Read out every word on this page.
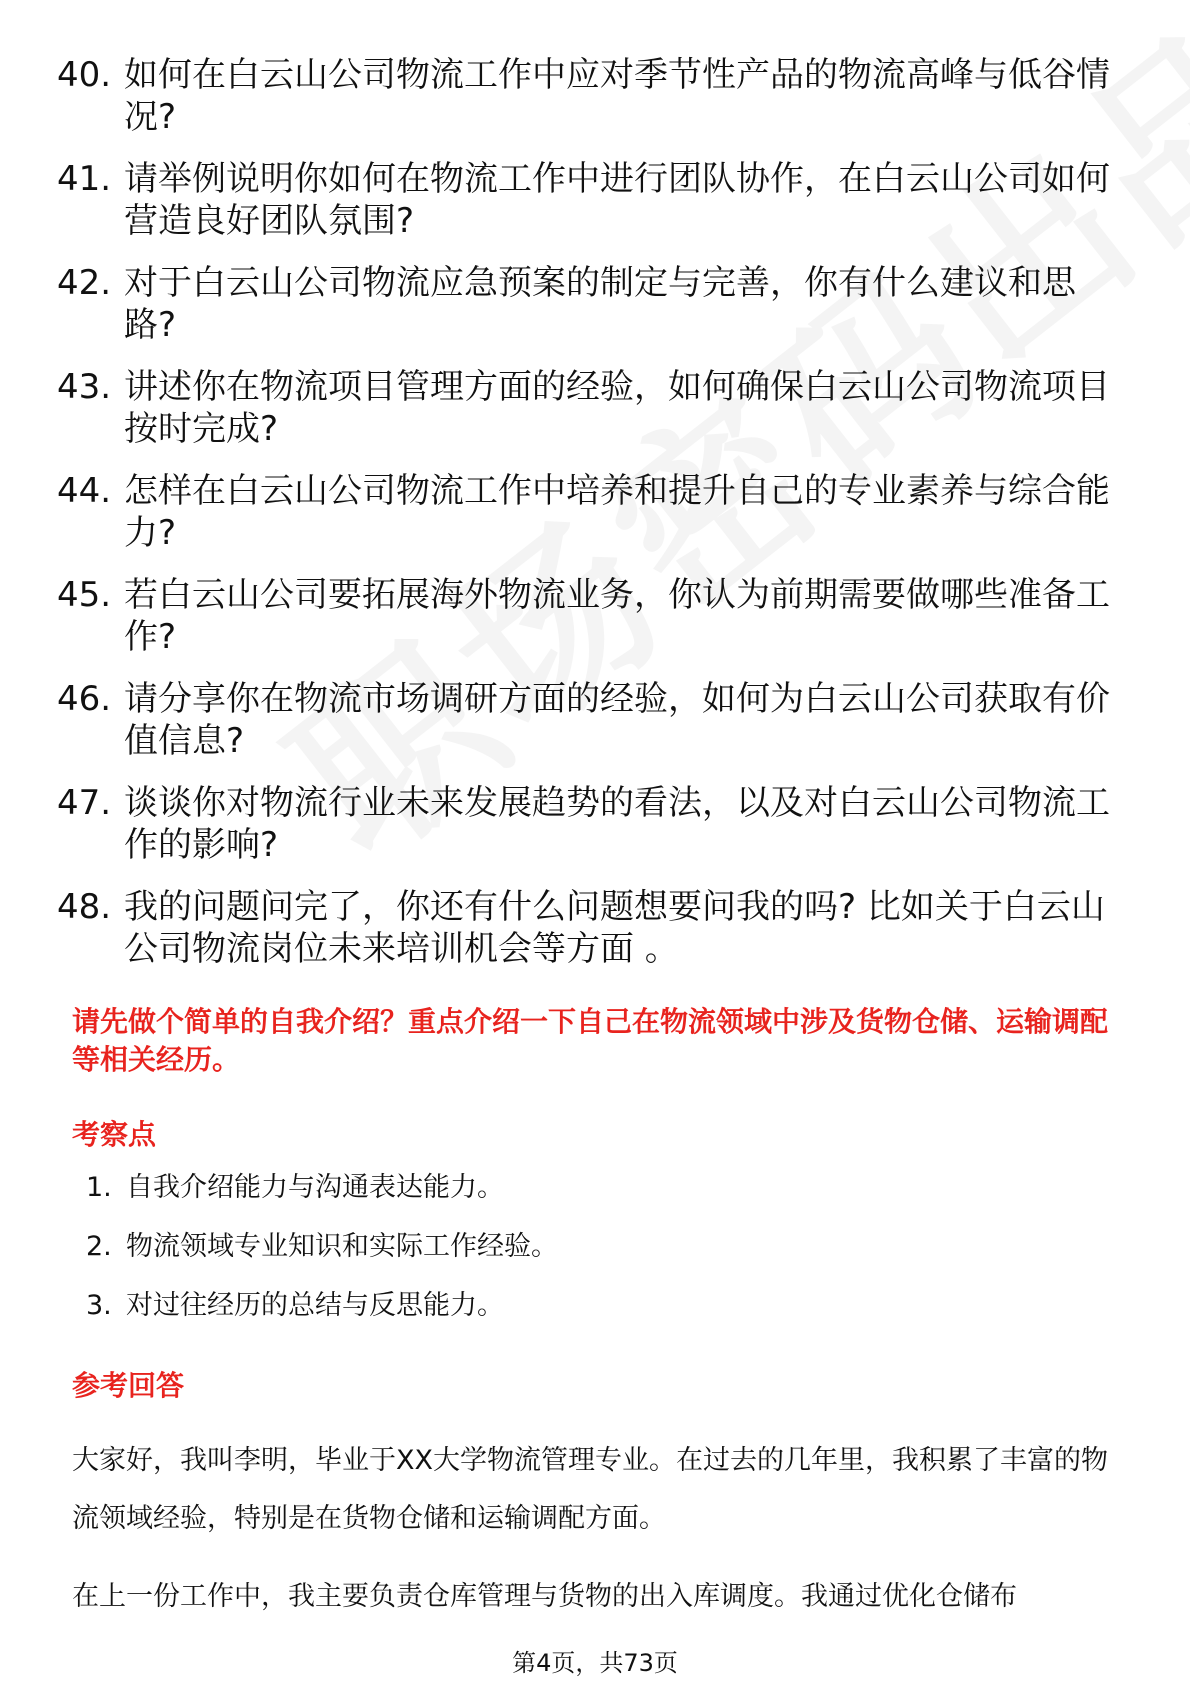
40. 如何在白云山公司物流工作中应对季节性产品的物流高峰与低谷情况?
41. 请举例说明你如何在物流工作中进行团队协作，在白云山公司如何营造良好团队氛围?
42. 对于白云山公司物流应急预案的制定与完善，你有什么建议和思路?
43. 讲述你在物流项目管理方面的经验，如何确保白云山公司物流项目按时完成?
44. 怎样在白云山公司物流工作中培养和提升自己的专业素养与综合能力?
45. 若白云山公司要拓展海外物流业务，你认为前期需要做哪些准备工作?
46. 请分享你在物流市场调研方面的经验，如何为白云山公司获取有价值信息?
47. 谈谈你对物流行业未来发展趋势的看法，以及对白云山公司物流工作的影响?
48. 我的问题问完了，你还有什么问题想要问我的吗? 比如关于白云山公司物流岗位未来培训机会等方面 。
请先做个简单的自我介绍？重点介绍一下自己在物流领域中涉及货物仓储、运输调配等相关经历。
考察点
1. 自我介绍能力与沟通表达能力。
2. 物流领域专业知识和实际工作经验。
3. 对过往经历的总结与反思能力。
参考回答
大家好，我叫李明，毕业于XX大学物流管理专业。在过去的几年里，我积累了丰富的物流领域经验，特别是在货物仓储和运输调配方面。
在上一份工作中，我主要负责仓库管理与货物的出入库调度。我通过优化仓储布
第4页，共73页
